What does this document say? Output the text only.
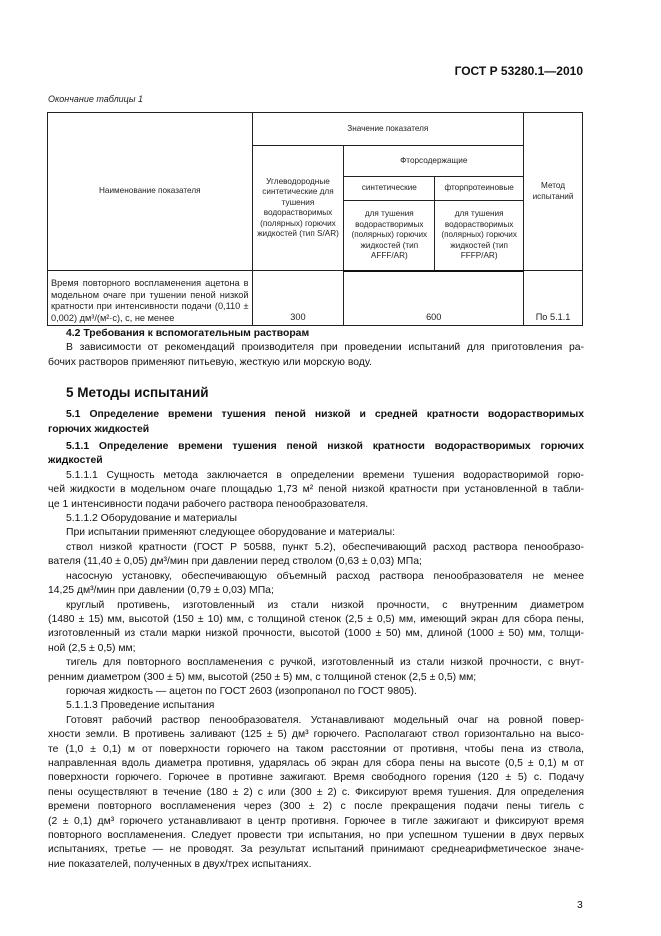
ГОСТ Р 53280.1—2010
Окончание таблицы 1
Наименование показателя	Значение показателя			Метод испытаний
	Углеводородные синтетические для тушения водорастворимых (полярных) горючих жидкостей (тип S/AR)	Фторсодержащие		
		синтетические	фторпротеиновые	
		для тушения водорастворимых (полярных) горючих жидкостей (тип AFFF/AR)	для тушения водорастворимых (полярных) горючих жидкостей (тип FFFP/AR)	
Время повторного воспламенения ацетона в модельном очаге при тушении пеной низкой кратности при интенсивности подачи (0,110 ± 0,002) дм³/(м²·с), с, не менее	300	600		По 5.1.1
4.2 Требования к вспомогательным растворам
В зависимости от рекомендаций производителя при проведении испытаний для приготовления ра-
бочих растворов применяют питьевую, жесткую или морскую воду.
5 Методы испытаний
5.1 Определение времени тушения пеной низкой и средней кратности водорастворимых
горючих жидкостей
5.1.1 Определение времени тушения пеной низкой кратности водорастворимых горючих
жидкостей
5.1.1.1 Сущность метода заключается в определении времени тушения водорастворимой горю-
чей жидкости в модельном очаге площадью 1,73 м² пеной низкой кратности при установленной в табли-
це 1 интенсивности подачи рабочего раствора пенообразователя.
5.1.1.2 Оборудование и материалы
При испытании применяют следующее оборудование и материалы:
ствол низкой кратности (ГОСТ Р 50588, пункт 5.2), обеспечивающий расход раствора пенообразо-
вателя (11,40 ± 0,05) дм³/мин при давлении перед стволом (0,63 ± 0,03) МПа;
насосную установку, обеспечивающую объемный расход раствора пенообразователя не менее
14,25 дм³/мин при давлении (0,79 ± 0,03) МПа;
круглый противень, изготовленный из стали низкой прочности, с внутренним диаметром
(1480 ± 15) мм, высотой (150 ± 10) мм, с толщиной стенок (2,5 ± 0,5) мм, имеющий экран для сбора пены,
изготовленный из стали марки низкой прочности, высотой (1000 ± 50) мм, длиной (1000 ± 50) мм, толщи-
ной (2,5 ± 0,5) мм;
тигель для повторного воспламенения с ручкой, изготовленный из стали низкой прочности, с внут-
ренним диаметром (300 ± 5) мм, высотой (250 ± 5) мм, с толщиной стенок (2,5 ± 0,5) мм;
горючая жидкость — ацетон по ГОСТ 2603 (изопропанол по ГОСТ 9805).
5.1.1.3 Проведение испытания
Готовят рабочий раствор пенообразователя. Устанавливают модельный очаг на ровной повер-
хности земли. В противень заливают (125 ± 5) дм³ горючего. Располагают ствол горизонтально на высо-
те (1,0 ± 0,1) м от поверхности горючего на таком расстоянии от противня, чтобы пена из ствола,
направленная вдоль диаметра противня, ударялась об экран для сбора пены на высоте (0,5 ± 0,1) м от
поверхности горючего. Горючее в противне зажигают. Время свободного горения (120 ± 5) с. Подачу
пены осуществляют в течение (180 ± 2) с или (300 ± 2) с. Фиксируют время тушения. Для определения
времени повторного воспламенения через (300 ± 2) с после прекращения подачи пены тигель с
(2 ± 0,1) дм³ горючего устанавливают в центр противня. Горючее в тигле зажигают и фиксируют время
повторного воспламенения. Следует провести три испытания, но при успешном тушении в двух первых
испытаниях, третье — не проводят. За результат испытаний принимают среднеарифметическое значе-
ние показателей, полученных в двух/трех испытаниях.
3
